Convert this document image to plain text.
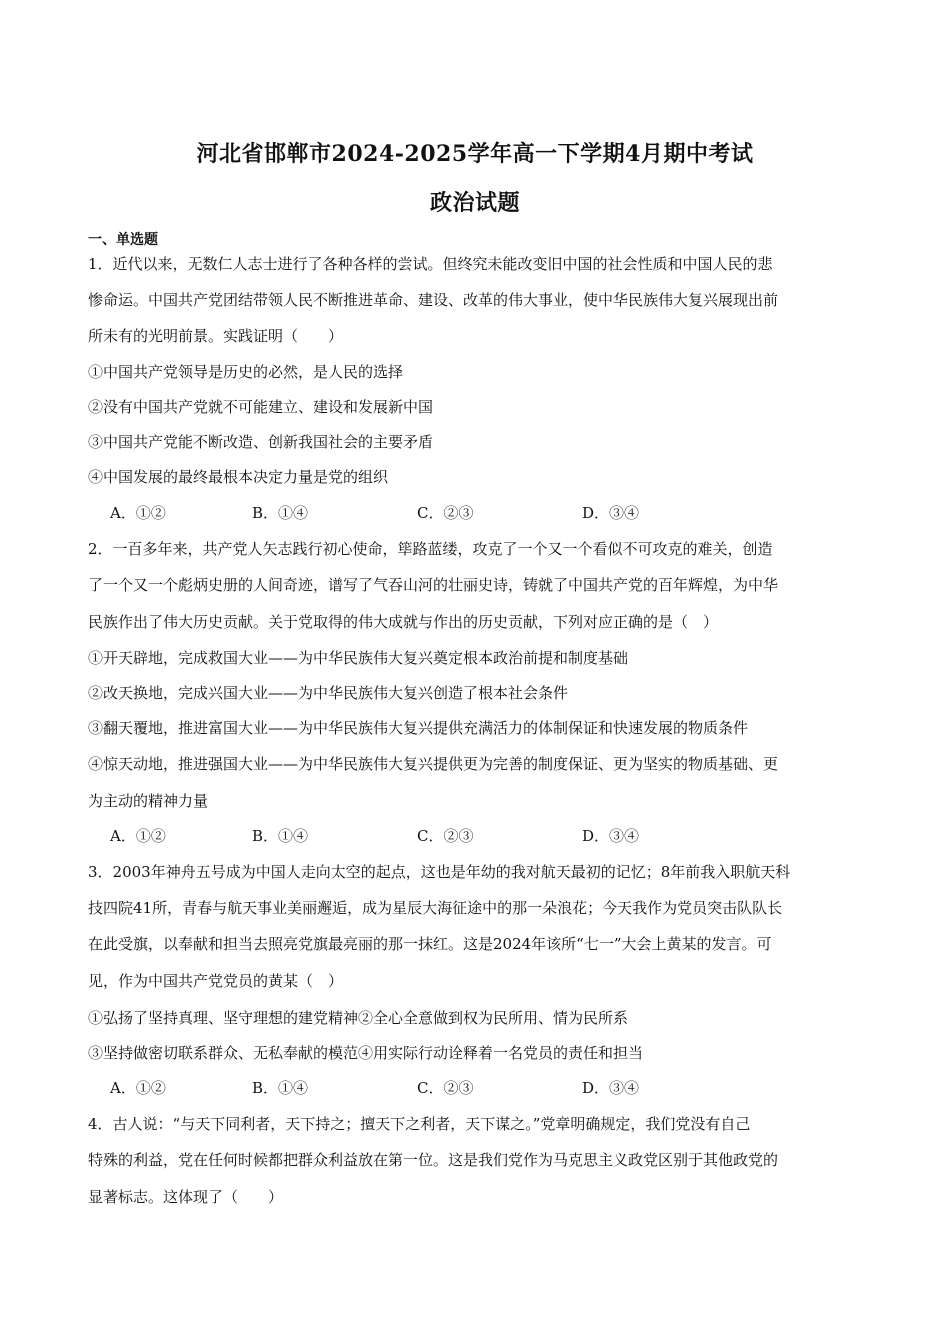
河北省邯郸市2024-2025学年高一下学期4月期中考试
政治试题
一、单选题
1．近代以来，无数仁人志士进行了各种各样的尝试。但终究未能改变旧中国的社会性质和中国人民的悲
惨命运。中国共产党团结带领人民不断推进革命、建设、改革的伟大事业，使中华民族伟大复兴展现出前
所未有的光明前景。实践证明（　　）
①中国共产党领导是历史的必然，是人民的选择
②没有中国共产党就不可能建立、建设和发展新中国
③中国共产党能不断改造、创新我国社会的主要矛盾
④中国发展的最终最根本决定力量是党的组织
A．①②	B．①④	C．②③	D．③④
2．一百多年来，共产党人矢志践行初心使命，筚路蓝缕，攻克了一个又一个看似不可攻克的难关，创造
了一个又一个彪炳史册的人间奇迹，谱写了气吞山河的壮丽史诗，铸就了中国共产党的百年辉煌，为中华
民族作出了伟大历史贡献。关于党取得的伟大成就与作出的历史贡献，下列对应正确的是（　）
①开天辟地，完成救国大业——为中华民族伟大复兴奠定根本政治前提和制度基础
②改天换地，完成兴国大业——为中华民族伟大复兴创造了根本社会条件
③翻天覆地，推进富国大业——为中华民族伟大复兴提供充满活力的体制保证和快速发展的物质条件
④惊天动地，推进强国大业——为中华民族伟大复兴提供更为完善的制度保证、更为坚实的物质基础、更
为主动的精神力量
A．①②	B．①④	C．②③	D．③④
3．2003年神舟五号成为中国人走向太空的起点，这也是年幼的我对航天最初的记忆；8年前我入职航天科
技四院41所，青春与航天事业美丽邂逅，成为星辰大海征途中的那一朵浪花；今天我作为党员突击队队长
在此受旗，以奉献和担当去照亮党旗最亮丽的那一抹红。这是2024年该所“七一”大会上黄某的发言。可
见，作为中国共产党党员的黄某（　）
①弘扬了坚持真理、坚守理想的建党精神②全心全意做到权为民所用、情为民所系
③坚持做密切联系群众、无私奉献的模范④用实际行动诠释着一名党员的责任和担当
A．①②	B．①④	C．②③	D．③④
4．古人说：“与天下同利者，天下持之；擅天下之利者，天下谋之。”党章明确规定，我们党没有自己
特殊的利益，党在任何时候都把群众利益放在第一位。这是我们党作为马克思主义政党区别于其他政党的
显著标志。这体现了（　　）
